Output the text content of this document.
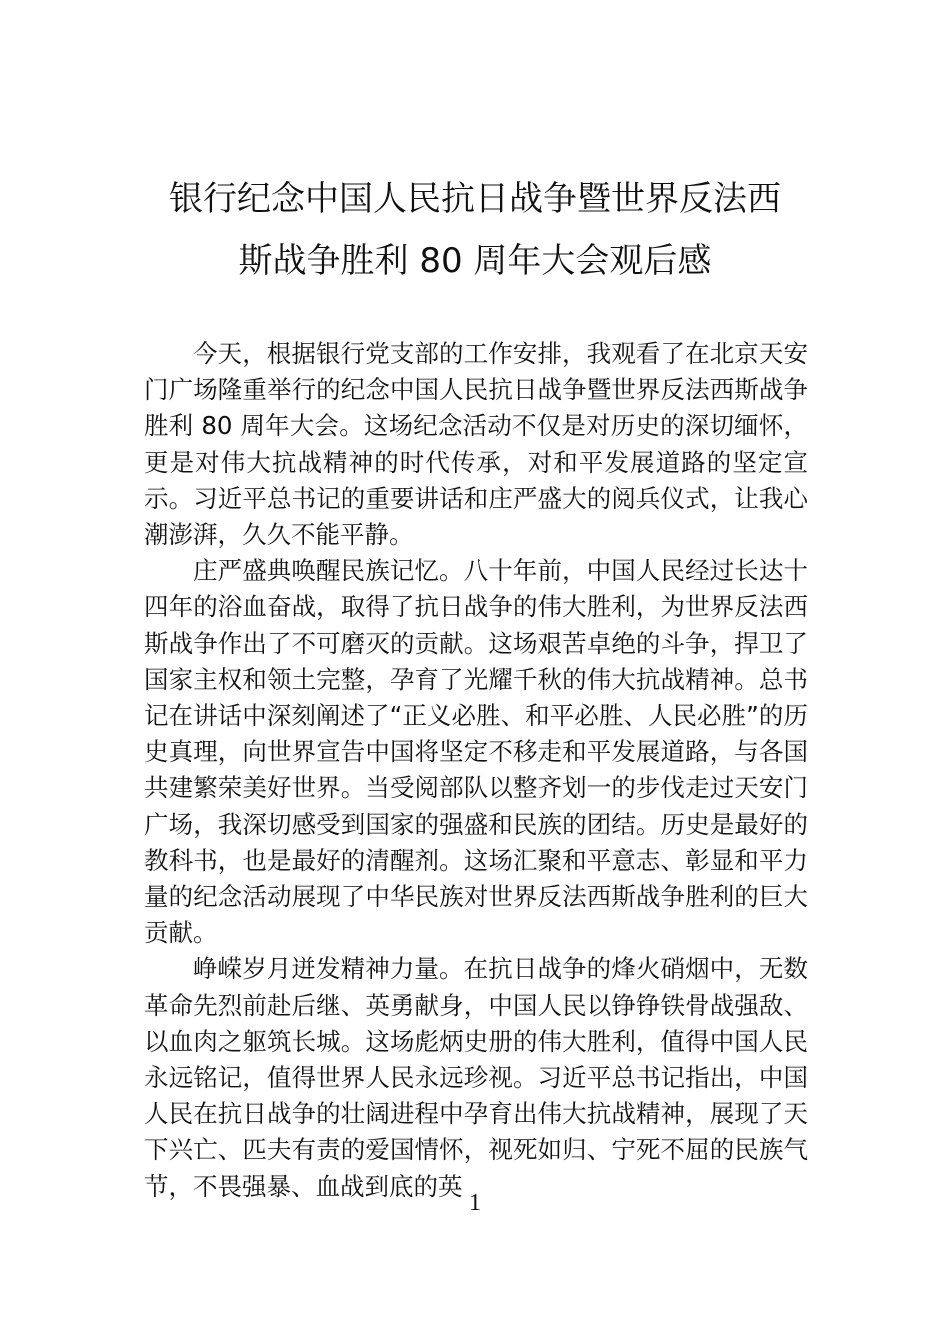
银行纪念中国人民抗日战争暨世界反法西
斯战争胜利 80 周年大会观后感

今天，根据银行党支部的工作安排，我观看了在北京天安门广场隆重举行的纪念中国人民抗日战争暨世界反法西斯战争胜利 80 周年大会。这场纪念活动不仅是对历史的深切缅怀，更是对伟大抗战精神的时代传承，对和平发展道路的坚定宣示。习近平总书记的重要讲话和庄严盛大的阅兵仪式，让我心潮澎湃，久久不能平静。

庄严盛典唤醒民族记忆。八十年前，中国人民经过长达十四年的浴血奋战，取得了抗日战争的伟大胜利，为世界反法西斯战争作出了不可磨灭的贡献。这场艰苦卓绝的斗争，捍卫了国家主权和领土完整，孕育了光耀千秋的伟大抗战精神。总书记在讲话中深刻阐述了“正义必胜、和平必胜、人民必胜”的历史真理，向世界宣告中国将坚定不移走和平发展道路，与各国共建繁荣美好世界。当受阅部队以整齐划一的步伐走过天安门广场，我深切感受到国家的强盛和民族的团结。历史是最好的教科书，也是最好的清醒剂。这场汇聚和平意志、彰显和平力量的纪念活动展现了中华民族对世界反法西斯战争胜利的巨大贡献。

峥嵘岁月迸发精神力量。在抗日战争的烽火硝烟中，无数革命先烈前赴后继、英勇献身，中国人民以铮铮铁骨战强敌、以血肉之躯筑长城。这场彪炳史册的伟大胜利，值得中国人民永远铭记，值得世界人民永远珍视。习近平总书记指出，中国人民在抗日战争的壮阔进程中孕育出伟大抗战精神，展现了天下兴亡、匹夫有责的爱国情怀，视死如归、宁死不屈的民族气节，不畏强暴、血战到底的英

1
